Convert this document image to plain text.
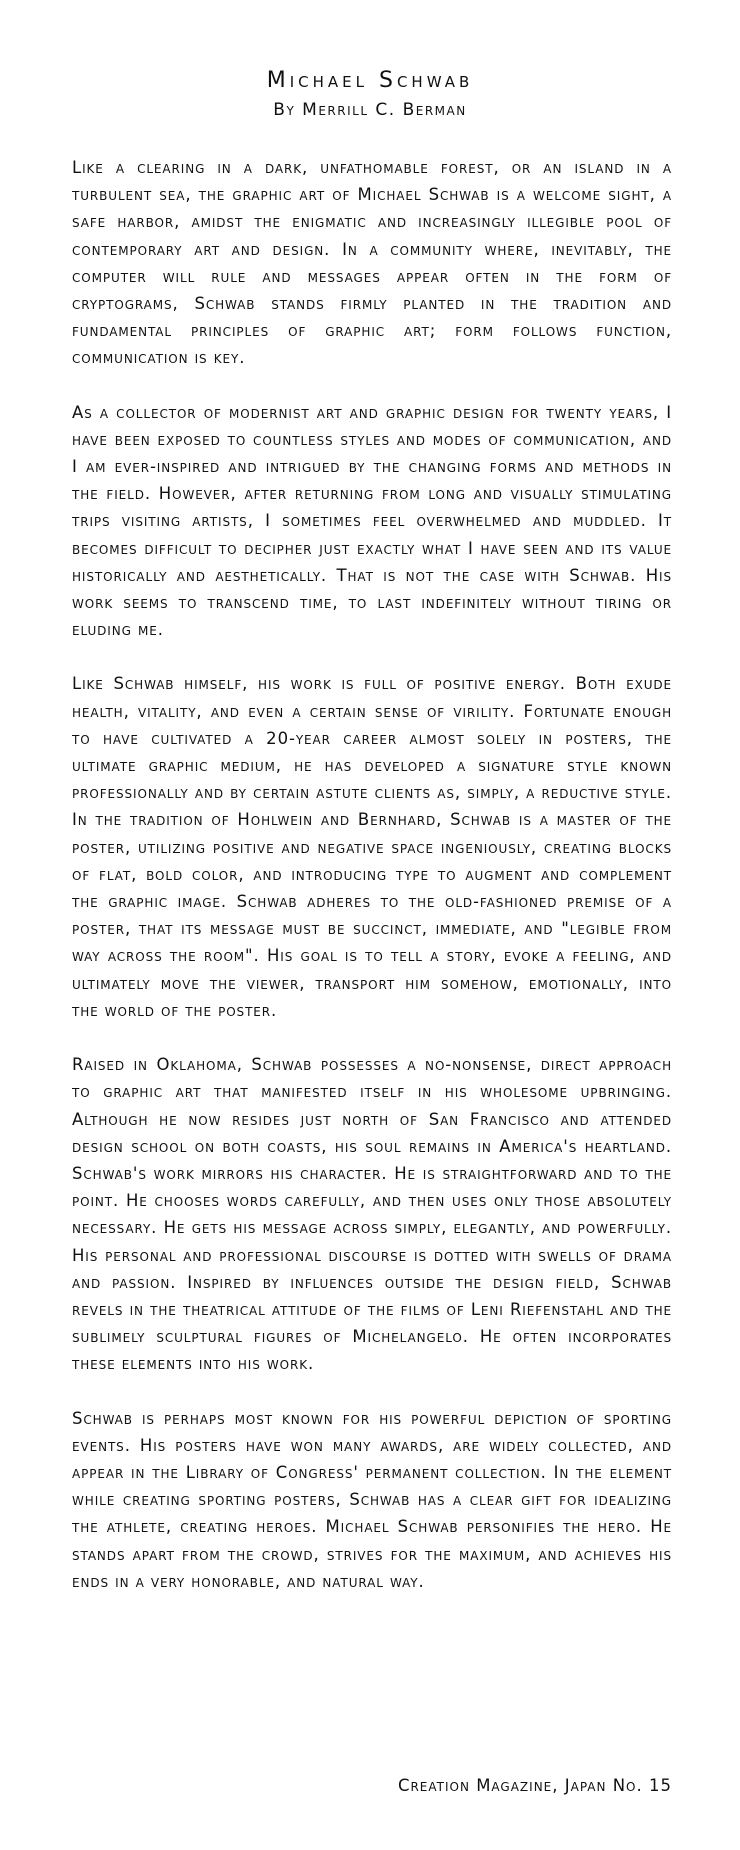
Michael Schwab
By Merrill C. Berman

Like a clearing in a dark, unfathomable forest, or an island in a turbulent sea, the graphic art of Michael Schwab is a welcome sight, a safe harbor, amidst the enigmatic and increasingly illegible pool of contemporary art and design. In a community where, inevitably, the computer will rule and messages appear often in the form of cryptograms, Schwab stands firmly planted in the tradition and fundamental principles of graphic art; form follows function, communication is key.

As a collector of modernist art and graphic design for twenty years, I have been exposed to countless styles and modes of communication, and I am ever-inspired and intrigued by the changing forms and methods in the field. However, after returning from long and visually stimulating trips visiting artists, I sometimes feel overwhelmed and muddled. It becomes difficult to decipher just exactly what I have seen and its value historically and aesthetically. That is not the case with Schwab. His work seems to transcend time, to last indefinitely without tiring or eluding me.

Like Schwab himself, his work is full of positive energy. Both exude health, vitality, and even a certain sense of virility. Fortunate enough to have cultivated a 20-year career almost solely in posters, the ultimate graphic medium, he has developed a signature style known professionally and by certain astute clients as, simply, a reductive style. In the tradition of Hohlwein and Bernhard, Schwab is a master of the poster, utilizing positive and negative space ingeniously, creating blocks of flat, bold color, and introducing type to augment and complement the graphic image. Schwab adheres to the old-fashioned premise of a poster, that its message must be succinct, immediate, and "legible from way across the room". His goal is to tell a story, evoke a feeling, and ultimately move the viewer, transport him somehow, emotionally, into the world of the poster.

Raised in Oklahoma, Schwab possesses a no-nonsense, direct approach to graphic art that manifested itself in his wholesome upbringing. Although he now resides just north of San Francisco and attended design school on both coasts, his soul remains in America's heartland. Schwab's work mirrors his character. He is straightforward and to the point. He chooses words carefully, and then uses only those absolutely necessary. He gets his message across simply, elegantly, and powerfully. His personal and professional discourse is dotted with swells of drama and passion. Inspired by influences outside the design field, Schwab revels in the theatrical attitude of the films of Leni Riefenstahl and the sublimely sculptural figures of Michelangelo. He often incorporates these elements into his work.

Schwab is perhaps most known for his powerful depiction of sporting events. His posters have won many awards, are widely collected, and appear in the Library of Congress' permanent collection. In the element while creating sporting posters, Schwab has a clear gift for idealizing the athlete, creating heroes. Michael Schwab personifies the hero. He stands apart from the crowd, strives for the maximum, and achieves his ends in a very honorable, and natural way.

Creation Magazine, Japan No. 15
